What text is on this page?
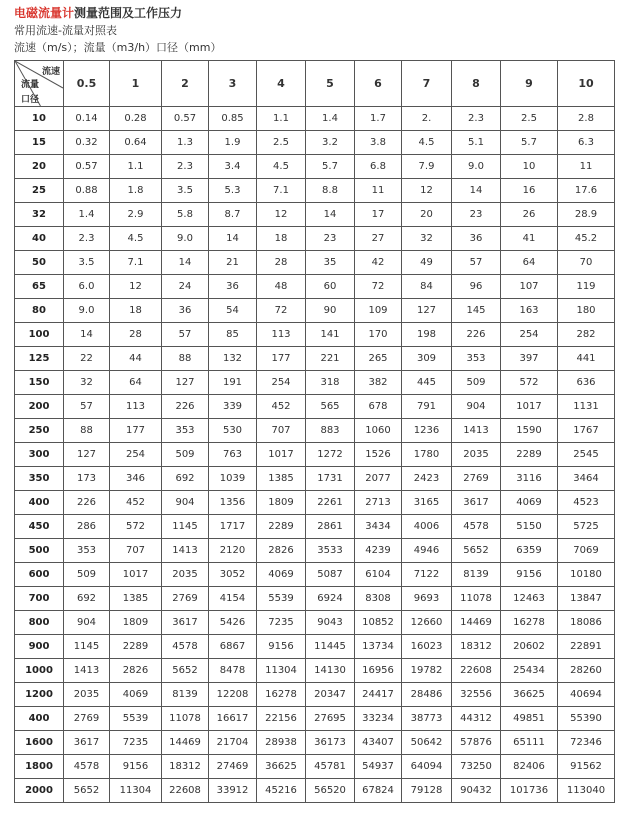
电磁流量计测量范围及工作压力
常用流速-流量对照表
流速（m/s）；流量（m3/h）口径（mm）
流速
流量
口径	0.5	1	2	3	4	5	6	7	8	9	10
10	0.14	0.28	0.57	0.85	1.1	1.4	1.7	2.	2.3	2.5	2.8
15	0.32	0.64	1.3	1.9	2.5	3.2	3.8	4.5	5.1	5.7	6.3
20	0.57	1.1	2.3	3.4	4.5	5.7	6.8	7.9	9.0	10	11
25	0.88	1.8	3.5	5.3	7.1	8.8	11	12	14	16	17.6
32	1.4	2.9	5.8	8.7	12	14	17	20	23	26	28.9
40	2.3	4.5	9.0	14	18	23	27	32	36	41	45.2
50	3.5	7.1	14	21	28	35	42	49	57	64	70
65	6.0	12	24	36	48	60	72	84	96	107	119
80	9.0	18	36	54	72	90	109	127	145	163	180
100	14	28	57	85	113	141	170	198	226	254	282
125	22	44	88	132	177	221	265	309	353	397	441
150	32	64	127	191	254	318	382	445	509	572	636
200	57	113	226	339	452	565	678	791	904	1017	1131
250	88	177	353	530	707	883	1060	1236	1413	1590	1767
300	127	254	509	763	1017	1272	1526	1780	2035	2289	2545
350	173	346	692	1039	1385	1731	2077	2423	2769	3116	3464
400	226	452	904	1356	1809	2261	2713	3165	3617	4069	4523
450	286	572	1145	1717	2289	2861	3434	4006	4578	5150	5725
500	353	707	1413	2120	2826	3533	4239	4946	5652	6359	7069
600	509	1017	2035	3052	4069	5087	6104	7122	8139	9156	10180
700	692	1385	2769	4154	5539	6924	8308	9693	11078	12463	13847
800	904	1809	3617	5426	7235	9043	10852	12660	14469	16278	18086
900	1145	2289	4578	6867	9156	11445	13734	16023	18312	20602	22891
1000	1413	2826	5652	8478	11304	14130	16956	19782	22608	25434	28260
1200	2035	4069	8139	12208	16278	20347	24417	28486	32556	36625	40694
400	2769	5539	11078	16617	22156	27695	33234	38773	44312	49851	55390
1600	3617	7235	14469	21704	28938	36173	43407	50642	57876	65111	72346
1800	4578	9156	18312	27469	36625	45781	54937	64094	73250	82406	91562
2000	5652	11304	22608	33912	45216	56520	67824	79128	90432	101736	113040
